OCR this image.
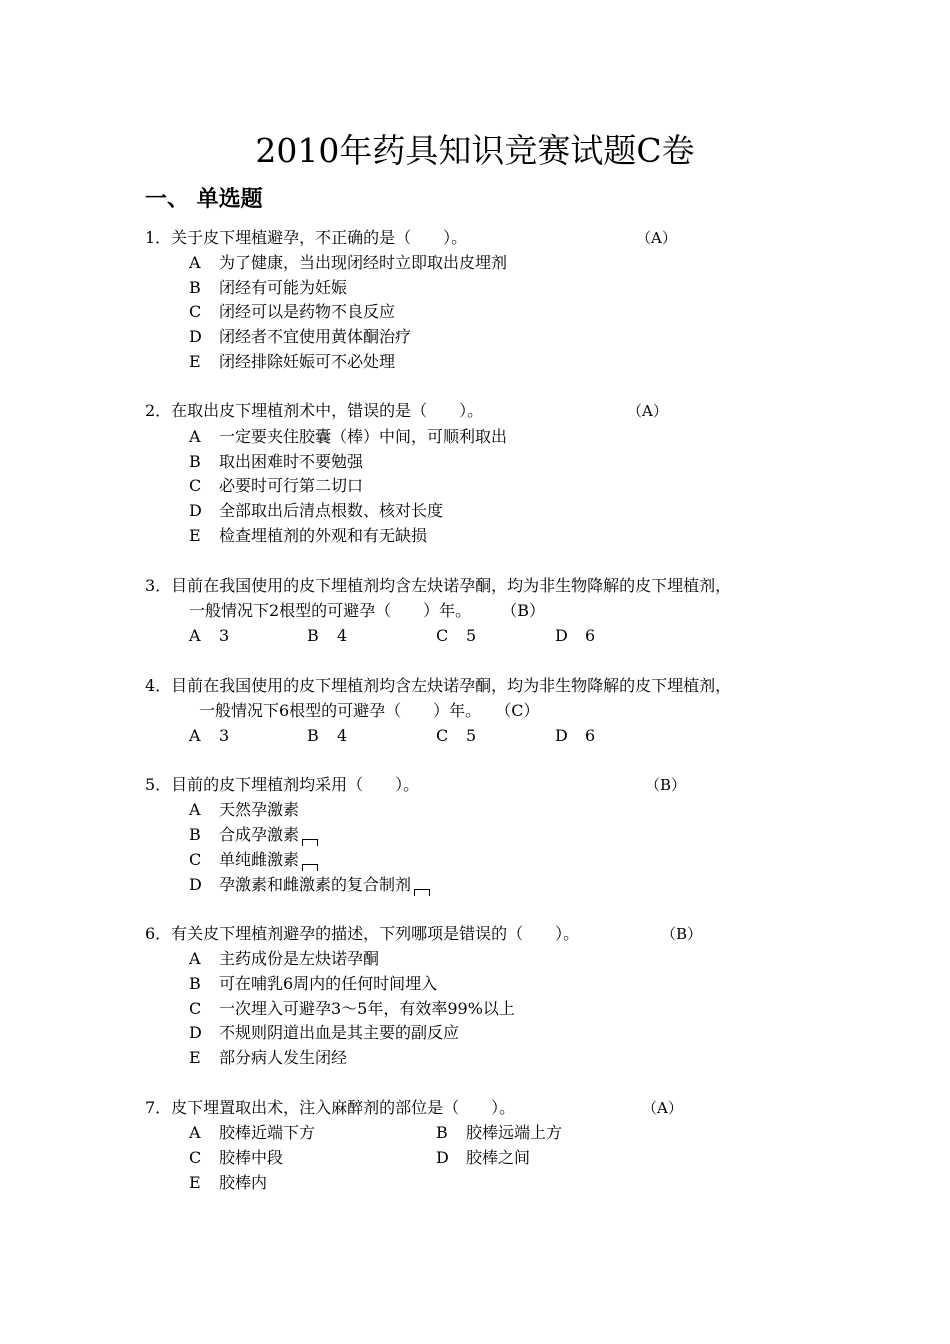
2010年药具知识竞赛试题C卷
一、 单选题
1．关于皮下埋植避孕，不正确的是（　　）。	（A）
A 为了健康，当出现闭经时立即取出皮埋剂
B 闭经有可能为妊娠
C 闭经可以是药物不良反应
D 闭经者不宜使用黄体酮治疗
E 闭经排除妊娠可不必处理
2．在取出皮下埋植剂术中，错误的是（　　）。	（A）
A 一定要夹住胶囊（棒）中间，可顺利取出
B 取出困难时不要勉强
C 必要时可行第二切口
D 全部取出后清点根数、核对长度
E 检查埋植剂的外观和有无缺损
3．目前在我国使用的皮下埋植剂均含左炔诺孕酮，均为非生物降解的皮下埋植剂，
一般情况下2根型的可避孕（　　）年。 （B）
A 3	B 4	C 5	D 6
4．目前在我国使用的皮下埋植剂均含左炔诺孕酮，均为非生物降解的皮下埋植剂，
一般情况下6根型的可避孕（　　）年。 （C）
A 3	B 4	C 5	D 6
5．目前的皮下埋植剂均采用（　　）。	（B）
A 天然孕激素
B 合成孕激素
C 单纯雌激素
D 孕激素和雌激素的复合制剂
6．有关皮下埋植剂避孕的描述，下列哪项是错误的（　　）。	（B）
A 主药成份是左炔诺孕酮
B 可在哺乳6周内的任何时间埋入
C 一次埋入可避孕3～5年，有效率99%以上
D 不规则阴道出血是其主要的副反应
E 部分病人发生闭经
7．皮下埋置取出术，注入麻醉剂的部位是（　　）。	（A）
A 胶棒近端下方	B 胶棒远端上方
C 胶棒中段	D 胶棒之间
E 胶棒内
